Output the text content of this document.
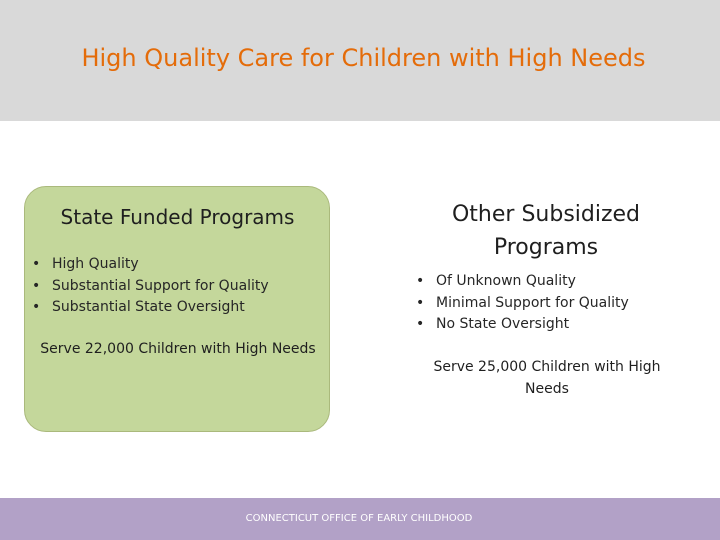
High Quality Care for Children with High Needs
State Funded Programs
• High Quality
• Substantial Support for Quality
• Substantial State Oversight
Serve 22,000 Children with High Needs
Other Subsidized Programs
• Of Unknown Quality
• Minimal Support for Quality
• No State Oversight
Serve 25,000 Children with High Needs
CONNECTICUT OFFICE OF EARLY CHILDHOOD
